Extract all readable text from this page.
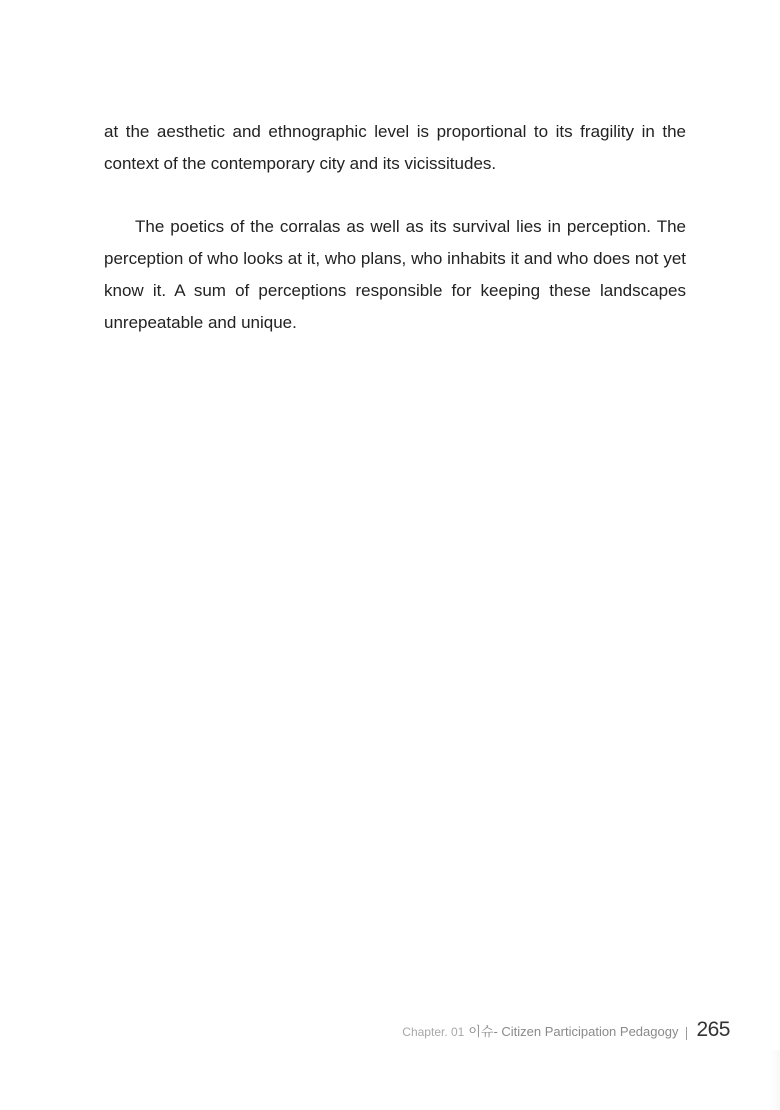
at the aesthetic and ethnographic level is proportional to its fragility in the context of the contemporary city and its vicissitudes.

The poetics of the corralas as well as its survival lies in perception. The perception of who looks at it, who plans, who inhabits it and who does not yet know it. A sum of perceptions responsible for keeping these landscapes unrepeatable and unique.

Chapter. 01 이슈- Citizen Participation Pedagogy 265
